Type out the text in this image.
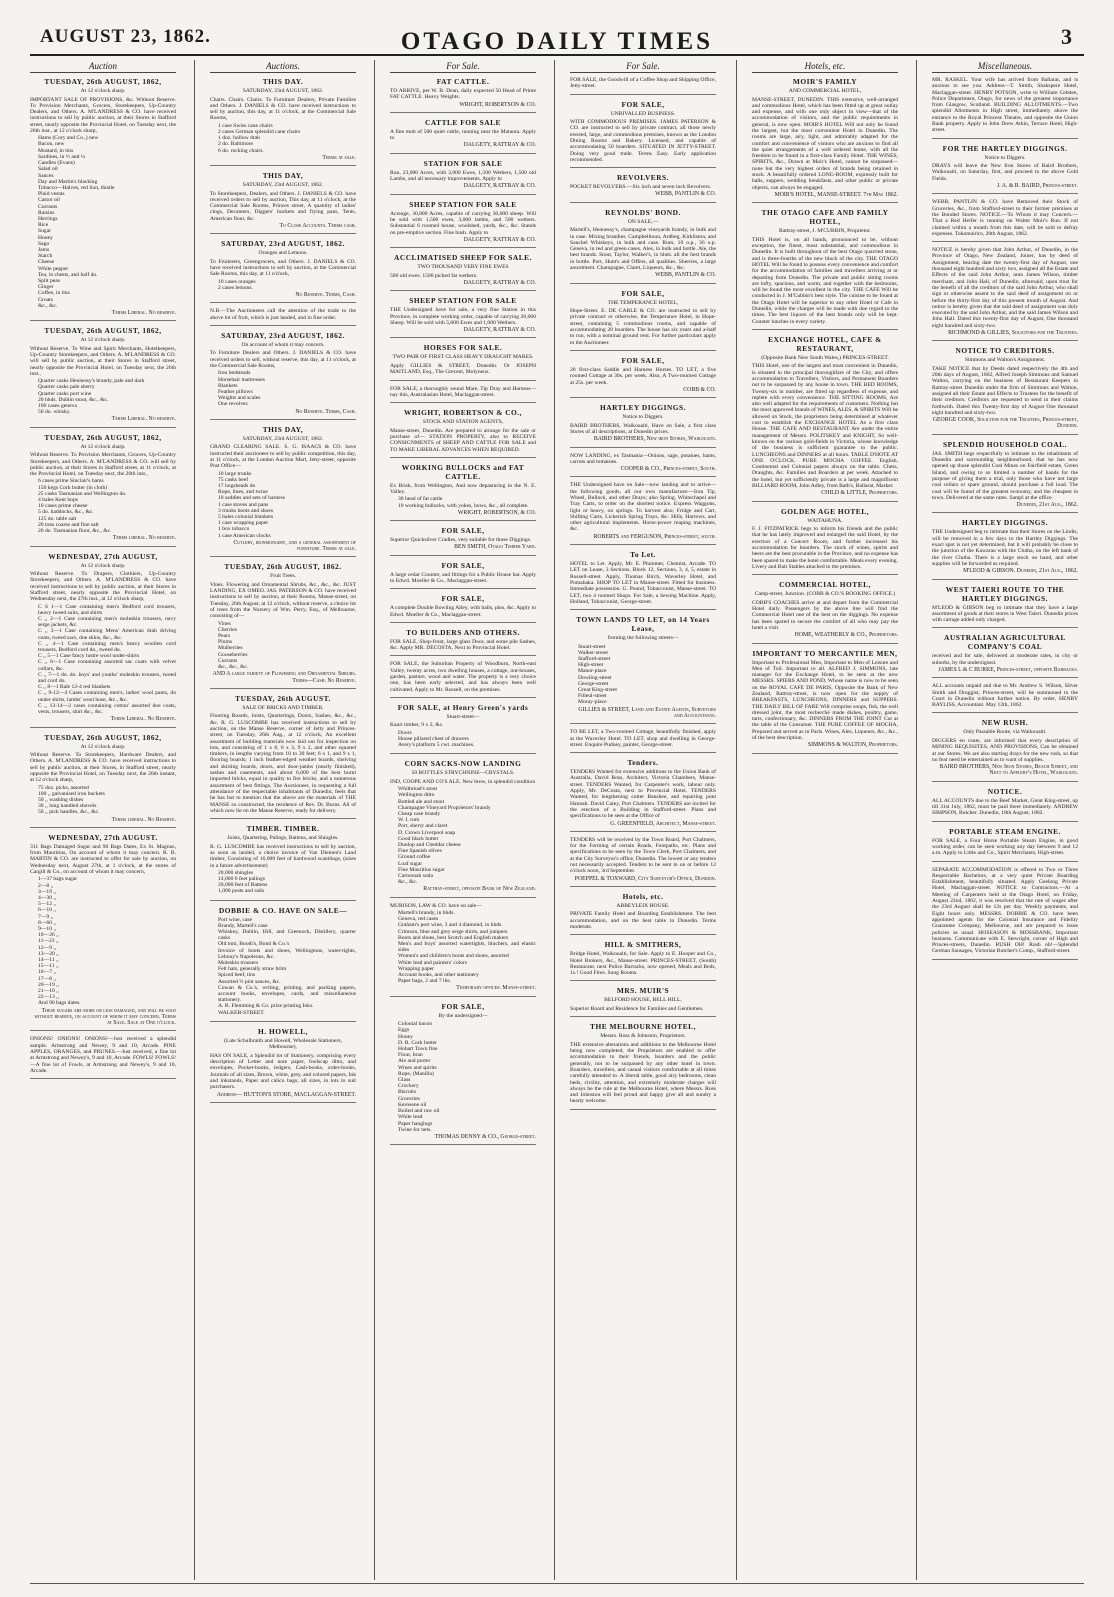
AUGUST 23, 1862.	OTAGO DAILY TIMES	3
Auction
TUESDAY, 26th AUGUST, 1862,
At 12 o'clock sharp.

IMPORTANT SALE OF PROVISIONS, &c. Without Reserve. To Provision Merchants, Grocers, Storekeepers, Up-Country Dealers, and Others. A. M'LANDRESS & CO. have received instructions to sell by public auction, at their Stores in Stafford street, nearly opposite the Provincial Hotel, on Tuesday next, the 26th inst., at 12 o'clock sharp,

Hams (Cory and Co.,) new
Bacon, new
Mustard, in tins
Sardines, in ½ and ¼
Candles (Evans)
Salad oil
Sauces
Day and Martin's blacking
Tobacco—Halves, red lion, thistle
Plaid vestas
Castor oil
Currants
Raisins
Herrings
Rice
Sugar
Honey
Sago
Jams
Starch
Cheese
White pepper
Tea, in chests, and half do.
Split peas
Ginger
Coffee, in tins
Groats
&c., &c.
Terms Liberal. No reserve.
TUESDAY, 26th AUGUST, 1862,
At 12 o'clock sharp.

Without Reserve. To Wine and Spirit Merchants, Hotelkeepers, Up-Country Storekeepers, and Others. A. M'LANDRESS & CO. will sell by public auction, at their Stores in Stafford street, nearly opposite the Provincial Hotel, on Tuesday next, the 26th inst.,

Quarter casks Hennessy's brandy, pale and dark
Quarter casks pale sherry
Quarter casks port wine
20 hhds. Dublin stout, &c., &c.
100 cases geneva
50 do. whisky.
Terms Liberal. No reserve.
TUESDAY, 26th AUGUST, 1862,
At 12 o'clock sharp.

Without Reserve. To Provision Merchants, Grocers, Up-Country Storekeepers, and Others. A. M'LANDRESS & CO. will sell by public auction, at their Stores in Stafford street, at 11 o'clock, at the Provincial Hotel, on Tuesday next, the 26th inst.,

6 cases prime Sinclair's hams
150 kegs Cork butter (in cloth)
25 casks Tasmanian and Wellington do.
4 bales Kent hops
10 cases prime cheese
5 do. haddocks, &c., &c.
125 do. table salt
20 tons coarse and fine salt
20 do. Tasmanian flour, &c., &c.
Terms liberal. No reserve.
WEDNESDAY, 27th AUGUST,
At 12 o'clock sharp.

Without Reserve. To Drapers, Clothiers, Up-Country Storekeepers, and Others. A. M'LANDRESS & CO. have received instructions to sell by public auction, at their Stores in Stafford street, nearly opposite the Provincial Hotel, on Wednesday next, the 27th inst., at 12 o'clock sharp,

C S 1—1 Case containing men's Bedford cord trousers, heavy tweed suits, and shirts
C ,, 2—1 Case containing men's moleskin trousers, navy serge jackets, &c.
C ,, 3—1 Case containing Mens' American drab driving coats, tweed sacs, doe skins, &c., &c.
C ,, 4—1 Case containing men's heavy woollen cord trousers, Bedford cord do., tweed do.
C ,, 5—1 Case fancy lustre wool under-shirts
C ,, 6—1 Case containing assorted sac coats with velvet collars, &c.
C ,, 7—1 do. do. boys' and youths' moleskin trousers, tweed and cord do.
C ,, 8—1 Bale 12-4 red blankets
C ,, 9-12—4 Cases containing men's, ladies' wool pants, do under shirts, lambs' wool hose, &c., &c.
C ,, 13-14—2 cases containing cotton' assorted doe coats, vests, trousers, shirt &c., &c.
Terms Liberal. No Reserve.
TUESDAY, 26th AUGUST, 1862,
At 12 o'clock sharp.

Without Reserve. To Storekeepers, Hardware Dealers, and Others. A. M'LANDRESS & CO. have received instructions to sell by public auction, at their Stores, in Stafford street, nearly opposite the Provincial Hotel, on Tuesday next, the 26th instant, at 12 o'clock sharp,

75 doz. picks, assorted
100 ,, galvanised iron buckets
50 ,, washing dishes
30 ,, long handled shovels
50 ,, pick handles, &c., &c.
Terms liberal. No Reserve.
WEDNESDAY, 27th AUGUST.

311 Bags Damaged Sugar and 90 Bags Dates, Ex St. Magnus, from Mauritius, On account of whom it may concern. R. B. MARTIN & CO. are instructed to offer for sale by auction, on Wednesday next, August 27th, at 1 o'clock, at the stores of Cargill & Co., on account of whom it may concern,

1—37 bags sugar
2—8 ,,
3—19 ,,
4—30 ,,
5—12 ,,
6—10 ,,
7—9 ,,
8—60 ,,
9—10 ,,
10—26 ,,
11—23 ,,
12—9 ,,
13—20 ,,
14—11 ,,
15—11 ,,
16—7 ,,
17—8 ,,
20—19 ,,
21—10 ,,
22—13 ,,
And 90 bags dates.
These sugars are more or less damaged, and will be sold without reserve, on account of whom it may concern. Terms at Sale. Sale at One o'clock.

ONIONS! ONIONS! ONIONS!—Just received a splendid sample. Armstrong and Newey, 9 and 10, Arcade. PINE APPLES, ORANGES, and PRUNES.—Just received, a fine lot at Armstrong and Newey's, 9 and 10, Arcade. FOWLS! FOWLS!—A fine lot of Fowls, at Armstrong and Newey's, 9 and 10, Arcade.

Auctions.
THIS DAY.
SATURDAY, 23rd AUGUST, 1862.

Chairs. Chairs. Chairs. To Furniture Dealers, Private Families and Others. J. DANIELS & CO. have received instructions to sell by auction, this day, at 11 o'clock, at the Commercial Sale Rooms,

1 case Swiss cane chairs
2 cases German splendid cane chairs
1 doz. hollow drab
2 do. Baltimore
6 do. rocking chairs.
Terms at sale.
THIS DAY,
SATURDAY, 23rd AUGUST, 1862.

To Storekeepers, Dealers, and Others. J. DANIELS & CO. have received orders to sell by auction, This day, at 11 o'clock, at the Commercial Sale Rooms, Princes street, A quantity of ladies' clogs, Decanters, Diggers' buckets and frying pans, Tents, American flour, &c.

To Close Accounts. Terms cash.
SATURDAY, 23rd AUGUST, 1862.
Oranges and Lemons.

To Fruiterers, Greengrocers, and Others. J. DANIELS & CO. have received instructions to sell by auction, at the Commercial Sale Rooms, this day, at 11 o'clock,

10 cases oranges
2 cases lemons.
No Reserve. Terms, Cash.

N.B.—The Auctioneers call the attention of the trade to the above lot of fruit, which is just landed, and in fine order.

SATURDAY, 23rd AUGUST, 1862.
On account of whom it may concern.

To Furniture Dealers and Others. J. DANIELS & CO. have received orders to sell, without reserve, this day, at 11 o'clock, at the Commercial Sale Rooms,

Iron bedsteads
Horsehair mattresses
Blankets
Feather pillows
Weights and scales
One revolver.
No Reserve. Terms, Cash.
THIS DAY,
SATURDAY, 23rd AUGUST, 1862.

GRAND CLEARING SALE. S. G. ISAACS & CO. have instructed their auctioneer to sell by public competition, this day, at 11 o'clock, at the London Auction Mart, Jetty-street, opposite Post Office—

10 large trunks
75 casks beef
17 hogsheads do
Rope, lines, and twine
10 saddles and sets of harness
1 case stoves and pans
3 trunks boots and shoes
5 bales colonial blankets
1 case wrapping paper
1 box tobacco
1 case American clocks
Cutlery, ironmongery, and a general assortment of furniture. Terms at sale.
TUESDAY, 26th AUGUST, 1862.
Fruit Trees.

Vines. Flowering and Ornamental Shrubs, &c., &c., &c. JUST LANDING, EX OMEO. JAS. PATERSON & CO. have received instructions to sell by auction, at their Rooms, Manse-street, on Tuesday, 26th August, at 12 o'clock, without reserve, a choice lot of trees from the Nursery of Wm. Perry, Esq., of Melbourne, consisting of—

Vines
Cherries
Pears
Plums
Mulberries
Gooseberries
Currants
&c., &c., &c.
AND A large variety of Flowering and Ornamental Shrubs. Terms—Cash. No Reserve.
TUESDAY, 26th AUGUST.
SALE OF BRICKS AND TIMBER.

Flooring Boards, Joists, Quarterings, Doors, Sashes, &c., &c., &c. R. G. LUSCOMBE has received instructions to sell by auction, on the Manse Reserve, corner of Jetty and Princes-street, on Tuesday, 26th Aug., at 12 o'clock, An excellent assortment of building materials now laid out for inspection on lots, and consisting of 1 x 8, 6 x 3, 9 x 2, and other squared timbers, in lengths varying from 10 to 30 feet; 6 x 1, and 9 x 1, flooring boards; 1 inch feather-edged weather boards, shelving and skirting boards, doors, and door-jambs (nearly finished), sashes and casements, and about 6,000 of the best burnt imported bricks, equal in quality to fire bricks, and a numerous assortment of best fittings. The Auctioneer, in requesting a full attendance of the respectable inhabitants of Dunedin, feels that he has but to mention that the above are the materials of THE MANSE so constructed, the residence of Rev. Dr. Burns. All of which now lie on the Manse Reserve, ready for delivery.

TIMBER. TIMBER.
Joists, Quartering, Palings, Battens, and Shingles.

R. G. LUSCOMBE has received instructions to sell by auction, as soon as landed, a choice invoice of Van Diemen's Land timber, Consisting of 16,000 feet of hardwood scantlings, (sizes in a future advertisement)

20,000 shingles
14,000 6 feet palings
20,000 feet of Battens
1,000 posts and rails
DOBBIE & CO. HAVE ON SALE—
Port wine, case
Brandy, Martell's case
Whiskey, Dublin, Hill, and Greenock, Distillery, quarter casks
Old tom, Booth's, Bond & Co.'s
Invoice of boots and shoes, Wellingtons, water-tights, Lebouy's Napoleons, &c.
Moleskin trousers
Felt hats, generally straw brim
Spiced beef, tins
Assorted ½ pint sauces, &c.
Cowan & Co.'s, writing, printing, and packing papers, account books, envelopes, cards, and miscellaneous stationery.
A. B. Flemming & Co. prize printing Inks.
WALKER-STREET.
H. HOWELL,
(Late Schulbraith and Howell, Wholesale Stationers, Melbourne),

HAS ON SALE, a Splendid lot of Stationery, comprising every description of Letter and note paper, foolscap ditto, and envelopes, Pocket-books, ledgers, Cash-books, order-books, Journals of all sizes, Brown, white, grey, and colored papers, Ink and inkstands, Paper and calico bags, all sizes, in lots to suit purchasers.

Address— HUTTON'S STORE, MACLAGGAN-STREET.
For Sale.
FAT CATTLE.

TO ARRIVE, per W. B. Dean, daily expected 50 Head of Prime FAT CATTLE. Heavy Weights.

WRIGHT, ROBERTSON & CO.
CATTLE FOR SALE

A fine mob of 500 quiet cattle, running near the Mataura. Apply to

DALGETY, RATTRAY & CO.
STATION FOR SALE

Run, 23,000 Acres, with 3,000 Ewes, 1,500 Wethers, 1,500 old Lambs, and all necessary improvements. Apply to

DALGETY, RATTRAY & CO.
SHEEP STATION FOR SALE

Acreage, 30,000 Acres, capable of carrying 30,000 sheep. Will be sold with 1,500 ewes, 3,000 lambs, and 500 wethers. Substantial 6 roomed house, woolshed, yards, &c., &c. Stands on pre-emptive section. Fine bush. Apply to

DALGETY, RATTRAY & CO.
ACCLIMATISED SHEEP FOR SALE.
TWO THOUSAND VERY FINE EWES

500 old ewes. 1500 picked fat wethers.

DALGETY, RATTRAY & CO.
SHEEP STATION FOR SALE

THE Undersigned have for sale, a very fine Station in this Province, in complete working order, capable of carrying 20,000 Sheep. Will be sold with 5,000 Ewes and 1,000 Wethers.

DALGETY, RATTRAY & CO.
HORSES FOR SALE.
TWO PAIR OF FIRST CLASS HEAVY DRAUGHT MARES.

Apply GILLIES & STREET, Dunedin. Or JOSEPH MAITLAND, Esq., The Grecent, Molyneux.

FOR SALE, a thoroughly sound Mare, Tip Dray and Harness—nay this, Australasian Hotel, Maclaggan-street.

WRIGHT, ROBERTSON & CO.,
STOCK AND STATION AGENTS,

Manse-street, Dunedin. Are prepared to arrange for the sale or purchase of— STATION PROPERTY, also to RECEIVE CONSIGNMENTS of SHEEP AND CATTLE FOR SALE and TO MAKE LIBERAL ADVANCES WHEN REQUIRED.

WORKING BULLOCKS and FAT CATTLE.

Ex Brisk, from Wellington, And now depasturing in the N. E. Valley.

30 head of fat cattle
10 working bullocks, with yokes, bows, &c., all complete.
WRIGHT, ROBERTSON, & CO.
FOR SALE,

Superior Quicksilver Cradles, very suitable for those Diggings.

BEN SMITH, Otago Timber Yard.
FOR SALE,

A large cedar Counter, and fittings for a Public House bar. Apply to Edwd. Moeller & Co., Maclaggan-street.

FOR SALE,

A complete Double Bowling Alley, with balls, pins, &c. Apply to Edwd. Moeller & Co., Maclaggan-street.

TO BUILDERS AND OTHERS.

FOR SALE, Shop-front, large glass Door, and some pile Sashes, &c. Apply MR. DECOSTA, Next to Provincial Hotel.

FOR SALE, the Suburban Property of Woodburn, North-east Valley, twenty acres, two dwelling houses, a cottage, out-houses, garden, pasture, wood and water. The property is a very choice one, has been early selected, and has always been well cultivated. Apply to Mr. Russell, on the premises.

FOR SALE, at Henry Green's yards
Stuart-street—

Kauri timber, 9 x 2, &c.

Doors
House pillared chest of drawers
Avery's platform 5 cwt. machines.
CORN SACKS-NOW LANDING
50 BOTTLES STRYCHNINE—CRYSTALS.

IND, COOPE AND CO'S ALE. New brew, in splendid condition

Whitbread's stout
Wellington ditto
Bottled ale and stout
Champagne Vineyard Proprietors' brandy
Cheap case brandy
W. I. rum
Port, sherry and claret
D. Crown Liverpool soap
Good black butter
Dunlop and Cheddar cheese
Fine Spanish olives
Ground coffee
Loaf sugar
Fine Mauritius sugar
Cartoonah soda
&c., &c.
Rattray-street, opposite Bank of New Zealand.

MURISON, LAW & CO. have on sale—

Martell's brandy, in hhds.
Geneva, red cases
Graham's port wine, 3 and 4 diamond, in hhds.
Crimson, blue and grey serge shirts, and jumpers
Boots and shoes, best Scotch and English makers
Men's and boys' assorted watertights, bluchers, and elastic sides
Women's and children's boots and shoes, assorted
White lead and painters' colors
Wrapping paper
Account books, and other stationery
Paper bags, 2 and 7 lbs.
Temporary offices: Manse-street.
FOR SALE,
By the undersigned—
Colonial bacon
Eggs
Honey
D. R. Cork butter
Hobart Town fine
Flour, bran
Ale and porter
Wines and spirits
Rope, (Manilla)
Glass
Crockery
Biscuits
Groceries
Kerosene oil
Boiled and raw oil
White lead
Paper hangings
Twine for nets.
THOMAS DENNY & CO., George-street.
For Sale.

FOR SALE, the Goodwill of a Coffee Shop and Shipping Office, Jetty-street.

FOR SALE,
UNRIVALLED BUSINESS.

WITH COMMODIOUS PREMISES. JAMES PATERSON & CO. are instructed to sell by private contract, all those newly erected, large, and commodious premises, known as the London Dining Rooms and Bakery. Licensed, and capable of accommodating 50 boarders. SITUATED IN JETTY-STREET. Doing very good trade. Terms Easy. Early application recommended.

REVOLVERS.

POCKET REVOLVERS.—Six inch and seven inch Revolvers.

WEBB, PANTLIN & CO.
REYNOLDS' BOND.
ON SALE,—

Martell's, Hennessy's, champagne vineyards brandy, in bulk and in case. Mixing brandies. Campbelltoun, Ardbeg, Kirkliston, and Sauchel Whiskeys, in bulk and case. Rum, 10 o.p., 36 o.p. Geneva, in red and green cases. Ales, in bulk and bottle. Ale, the best brands. Stout, Taylor, Walker's, in hhds. all the best brands in bottle. Port, Hunt's and Offers, all qualities. Sherries, a large assortment. Champagne, Claret, Liqueurs, &c., &c.

WEBB, PANTLIN & CO.
FOR SALE,
THE TEMPERANCE HOTEL,

Hope-Street. E. DE CARLE & CO. are instructed to sell by private contract or otherwise, the Temperance Hotel, in Hope-street, containing 5 commodious rooms, and capable of accommodating 20 boarders. The house has six years and a-half to run, with a nominal ground rent. For further particulars apply to the Auctioneer.

FOR SALE,

20 first-class Saddle and Harness Horses. TO LET, a five roomed Cottage at 30s. per week. Also, A Two-roomed Cottage at 25s. per week.

COBB & CO.
HARTLEY DIGGINGS.
Notice to Diggers.

BAIRD BROTHERS, Waikouaiti, Have on Sale, a first class Stores of all descriptions, at Dunedin prices.

BAIRD BROTHERS, New iron Stores, Waikouaiti.

NOW LANDING, ex Tasmania—Onions, sage, potatoes, hams, carrots and tomatoes.

COOPER & CO., Princes-street, South.

THE Undersigned have on Sale—now landing and to arrive—the following goods, all our own manufacture:—Iron Tip, Wheel, Bullock, and other Drays; also Spring, Whitechapel and Tray Carts, to order on the shortest notice. Express Waggons, light or heavy, on springs. To harvest also; Fridge and Cart, Shifting Carts, Lickerish Spring Trays, &c. Hills, Harrows, and other agricultural implements. Horse-power reaping machines, &c.

ROBERTS and FERGUSON, Princes-street, south.
To Let.

HOTEL to Let. Apply, Mr. E. Plummer, Chemist, Arcade. TO LET on Lease, 3 Sections, Block 12, Sections, 3, 4, 5, estate in Russell-street. Apply, Thomas Birch, Waverley Hotel, and Pomahaka. SHOP TO LET in Manse-street. Fitted for business. Immediate possession. G. Pound, Tobacconist, Manse-street. TO LET, two 4 roomed Shops. For Sale, a Sewing Machine. Apply, Holland, Tobacconist, George-street.

TOWN LANDS TO LET, on 14 Years Lease,
fronting the following streets—
Stuart-street
Walker-street
Stafford-street
High-street
Manor-place
Dowling-street
George-street
Great King-street
Filleul-street
Moray-place
GILLIES & STREET, Land and Estate Agents, Surveyors and Accountants.

TO BE LET, a Two-roomed Cottage, beautifully finished, apply at the Waverley Hotel. TO LET, shop and dwelling in George-street. Enquire Pudney, painter, George-street.

Tenders.

TENDERS Wanted for extensive additions to the Union Bank of Australia, David Ross, Architect, Victoria Chambers, Manse-street. TENDERS Wanted, for Carpenter's work, labour only. Apply, Mr. DeCosta, next to Provincial Hotel. TENDERS Wanted, for lengthening cutter Banshee, and repairing punt Hannah. David Carey, Port Chalmers. TENDERS are invited for the erection of a Building in Stafford-street. Plans and specifications to be seen at the Office of

G. GREENFIELD, Architect, Manse-street.

TENDERS will be received by the Town Board, Port Chalmers, for the Forming of certain Roads, Footpaths, etc. Plans and specifications to be seen by the Town Clerk, Port Chalmers, and at the City Surveyor's office, Dunedin. The lowest or any tenders not necessarily accepted. Tenders to be sent in on or before 12 o'clock noon, 3rd September.

POEPPEL & TOXWARD, City Surveyor's Office, Dunedin.
Hotels, etc.
ABBEYLEIX HOUSE.

PRIVATE Family Hotel and Boarding Establishment. The best accommodation, and on the best table in Dunedin. Terms moderate.

HILL & SMITHERS,

Bridge Hotel, Waikouaiti, for Sale. Apply to E. Hooper and Co., Hotel Brokers, &c., Manse-street. PRINCES-STREET, (South) Restaurant, next Police Barracks, now opened, Meals and Beds, 1s.! Good Fires. Sung Rooms.

MRS. MUIR'S
BELFORD HOUSE, BELL HILL,

Superior Board and Residence for Families and Gentlemen.

THE MELBOURNE HOTEL,
Messrs. Ross & Johnston, Proprietors.

THE extensive alterations and additions to the Melbourne Hotel being now completed, the Proprietors are enabled to offer accommodation to their friends, boarders and the public generally, not to be surpassed by any other hotel in town. Boarders, travellers, and casual visitors comfortable at all times carefully attended to. A liberal table, good airy bedrooms, clean beds, civility, attention, and extremely moderate charges will always be the rule at the Melbourne Hotel, where Messrs. Ross and Johnston will feel proud and happy give all and sundry a hearty welcome.

Hotels, etc.
MOIR'S FAMILY
AND COMMERCIAL HOTEL,

MANSE-STREET, DUNEDIN. THIS extensive, well-arranged and commodious Hotel, which has been fitted up at great outlay and expense, and with one only object in view—that of the accommodation of visitors, and the public requirements in general, is now open. MOIR'S HOTEL Will not only be found the largest, but the most convenient Hotel in Dunedin. The rooms are large, airy, light, and admirably adapted for the comfort and convenience of visitors who are anxious to find all the quiet arrangements of a well ordered home, with all the freedom to be found in a first-class Family Hotel. THE WINES, SPIRITS, &c., Drawn at Moir's Hotel, cannot be surpassed—none but the very highest orders of brands being retained in stock. A beautifully ordered LONG-ROOM, expressly built for balls, suppers, wedding breakfasts, and other public or private objects, can always be engaged.

MOIR'S HOTEL, MANSE-STREET. 7th May 1862.
THE OTAGO CAFE AND FAMILY HOTEL,
Rattray-street, J. M'CUBBIN, Proprietor.

THIS Hotel is, on all hands, pronounced to be, without exception, the finest, most substantial, and commodious in Dunedin. It is built throughout of the best Otago quarried stone, and is three-fourths of the new block of the city. THE OTAGO HOTEL Will be found to possess every convenience and comfort for the accommodation of families and travellers arriving at or departing from Dunedin. The private and public sitting rooms are lofty, spacious, and warm, and together with the bedrooms, will be found the most excellent in the city. THE CAFE Will be conducted in J. M'Cubbin's best style. The cuisine to be found at the Otago Hotel will be superior to any other Hotel or Cafe in Dunedin, while the charges will be made with due regard to the times. The best liquors of the best brands only will be kept. Counter lunches in every variety.

EXCHANGE HOTEL, CAFE & RESTAURANT,
(Opposite Bank New South Wales,) PRINCES-STREET.

THIS Hotel, one of the largest and most convenient in Dunedin, is situated in the principal thoroughfare of the City, and offers accommodation to Travellers, Visitors, and Permanent Boarders not to be surpassed by any house in town. THE BED ROOMS, Twenty-six in number, are fitted up regardless of expense, and replete with every convenience. THE SITTING ROOMS, Are also well adapted for the requirements of customers. Nothing but the most approved brands of WINES, ALES, & SPIRITS Will be allowed on Stock, the proprietors being determined at whatever cost to establish the EXCHANGE HOTEL As a first class House. THE CAFE AND RESTAURANT Are under the entire management of Messrs. POLITSKEY and KNIGHT, So well-known on the various gold-fields in Victoria, whose knowledge of the business is sufficient guarantee to the public. LUNCHEONS and DINNERS at all hours. TABLE D'HOTE AT ONE O'CLOCK. PURE MOCHA COFFEE. English, Continental and Colonial papers always on the table. Chess, Draughts, &c. Families and Boarders at per week. Attached to the hotel, but yet sufficiently private is a large and magnificent BILLIARD ROOM, John Adley, from Bath's, Ballarat, Marker.

CHILD & LITTLE, Proprietors.
GOLDEN AGE HOTEL,
WAITAHUNA.

F. J. FITZPATRICK begs to inform his friends and the public that he has lately improved and enlarged the said Hotel, by the erection of a Concert Room, and further increased his accommodation for boarders. The stock of wines, spirits and beers are the best procurable in the Province, and no expense has been spared to make the hotel comfortable. Meals every evening. Livery and Bait Stables attached to the premises.

COMMERCIAL HOTEL,
Camp-street, Junction. (COBB & CO.'S BOOKING OFFICE.)

COBB'S COACHES arrive at and depart from the Commercial Hotel daily. Passengers by the above line will find the Commercial Hotel one of the best on the diggings. No expense has been spared to secure the comfort of all who may pay the hotel a visit.

HOME, WEATHERLY & CO., Proprietors.
IMPORTANT TO MERCANTILE MEN,

Important to Professional Men, Important to Men of Leisure and Men of Toil. Important to all. ALFRED J. SIMMONS, late manager for the Exchange Hotel, to be seen at the new MESSRS. SPIERS AND POND, Whose name is now to be seen on the ROYAL CAFE DE PARIS, Opposite the Bank of New Zealand, Rattray-street, is now open for the supply of BREAKFASTS, LUNCHEONS, DINNERS and SUPPERS. THE DAILY BILL OF FARE Will comprise soups, fish, the well dressed joint, the most recherché made dishes, poultry, game, tarts, confectionary, &c. DINNERS FROM THE JOINT Cut at the table of the Consumer. THE PURE COFFEE OF MOCHA, Prepared and served as in Paris. Wines, Ales, Liqueurs, &c., &c., of the best description.

SIMMONS & WALTON, Proprietors.
Miscellaneous.

MR. RASKEL. Your wife has arrived from Ballarat, and is anxious to see you. Address—T. Smith, Shakspere Hotel, Maclaggan-street. HENRY POTSON, write to William Cebden, Police Department, Otago, for news of the greatest importance from Glasgow, Scotland. BUILDING ALLOTMENTS.—Two splendid Allotments in High street, immediately above the entrance to the Royal Princess Theatre, and opposite the Union Bank property. Apply to John Drew Atkin, Terrace Hotel, High-street.

FOR THE HARTLEY DIGGINGS.
Notice to Diggers.

DRAYS will leave the New Iron Stores of Baird Brothers, Waikouaiti, on Saturday, first, and proceed to the above Gold Fields.

J. A. & R. BAIRD, Princes-street.

WEBB, PANTLIN & CO. have Removed their Stock of Groceries, &c., from Stafford-street to their former premises at the Bonded Stores. NOTICE.—To Whom it may Concern.—That a Red Heifer is running on Walter Moir's Run. If not claimed within a month from this date, will be sold to defray expenses. Tokomairiro, 20th August, 1862.

NOTICE is hereby given that John Arthur, of Dunedin, in the Province of Otago, New Zealand, Joiner, has by deed of Assignment, bearing date the twenty-first day of August, one thousand eight hundred and sixty two, assigned all the Estate and Effects of the said John Arthur, unto James Wilson, timber merchant, and John Hall, of Dunedin, aforesaid, upon trust for the benefit of all the creditors of the said John Arthur, who shall sign or otherwise assent to the said deed of assignment on or before the thirty-first day of this present month of August. And notice is hereby given that the said deed of assignment was duly executed by the said John Arthur, and the said James Wilson and John Hall. Dated this twenty-first day of August, One thousand eight hundred and sixty-two.

RICHMOND & GILLIES, Solicitors for the Trustees.
NOTICE TO CREDITORS.
Simmons and Walton's Assignment.

TAKE NOTICE that by Deeds dated respectively the 4th and 20th days of August, 1862, Alfred Joseph Simmons and Samuel Walton, carrying on the business of Restaurant Keepers in Rattray-street Dunedin under the firm of Simmons and Walton, assigned all their Estate and Effects to Trustees for the benefit of their creditors. Creditors are requested to send in their claims forthwith. Dated this Twenty-first day of August One thousand eight hundred and sixty-two.

GEORGE COOK, Solicitor for the Trustees, Princes-street, Dunedin.
SPLENDID HOUSEHOLD COAL.

JAS. SMITH begs respectfully to intimate to the inhabitants of Dunedin and surrounding neighbourhood, that he has now opened up those splendid Coal Mines on Fairfield estate, Green Island, and owing to so limited a number of hands for the purpose of giving them a trial, only those who have not large coal cellars or spare ground, should purchase a full load. The coal will be found of the greatest economy, and the cheapest in town. Delivered at the same rates. Sampl at the office.

Dunedin, 21st Aug., 1862.
HARTLEY DIGGINGS.

THE Undersigned beg to intimate that their Stores on the Lindis, will be removed in a few days to the Hartley Diggings. The exact spot is not yet determined, but it will probably be close to the junction of the Kawarau with the Clutha, on the left bank of the river Clutha. There is a large stock on hand, and other supplies will be forwarded as required.

M'LEOD & GIBSON. Dunedin, 21st Aug., 1862.
WEST TAIERI ROUTE TO THE HARTLEY DIGGINGS.

M'LEOD & GIBSON beg to intimate that they have a large assortment of goods at their stores in West Taieri. Dunedin prices with cartage added only charged.

AUSTRALIAN AGRICULTURAL COMPANY'S COAL

received and for sale, delivered at moderate rates, in city or suburbs, by the undersigned.

JAMES L & C BURKE, Princes-street, opposite Barracks.

ALL accounts unpaid and due to Mr. Andrew S. Wilson, Silver Smith and Druggist, Princes-street, will be summoned to the Court in Dunedin without further notice. By order, HENRY BAYLISS, Accountant. May 12th, 1862.

NEW RUSH.
Only Passable Route, via Waikouaiti.

DIGGERS en route, are informed that every description of MINING REQUISITES, AND PROVISIONS, Can be obtained at our Stores. We are also starting drays for the new rush, so that no fear need be entertained as to want of supplies.

BAIRD BROTHERS, New Iron Stores, Beach Street, and Next to Appleby's Hotel, Waikouaiti.
NOTICE.

ALL ACCOUNTS due to the Beef Market, Great King-street, up till 31st July, 1862, must be paid there immediately. ANDREW SIMPSON, Butcher. Dunedin, 18th August, 1862.

PORTABLE STEAM ENGINE.

FOR SALE, a Four Horse Portable Steam Engine, in good working order, can be seen working any day between 9 and 12 a.m. Apply to Little and Co., Spirit Merchants, High-street.

SEPARATE ACCOMMODATION is offered to Two or Three Respectable Bachelors, at a very quiet Private Boarding Establishment, beautifully situated. Apply Geelong Private Hotel, Maclaggan-street. NOTICE to Contractors.—At a Meeting of Carpenters held at the Otago Hotel, on Friday, August 22nd, 1862, it was resolved that the rate of wages after the 23rd August shall be 12s per day. Weekly payments, and Eight hours only. MESSRS. DOBBIE & CO. have been appointed agents for the Colonial Insurance and Fidelity Guarantee Company, Melbourne, and are prepared to issue policies as usual. HOSEASON & MOSSBANK, Important business. Communicate with E. Stewright, corner of High and Princes-streets, Dunedin. RUSH OH! Rush oh!—Splendid German Sausages, Victorian Butcher's Comp., Stafford-street.
